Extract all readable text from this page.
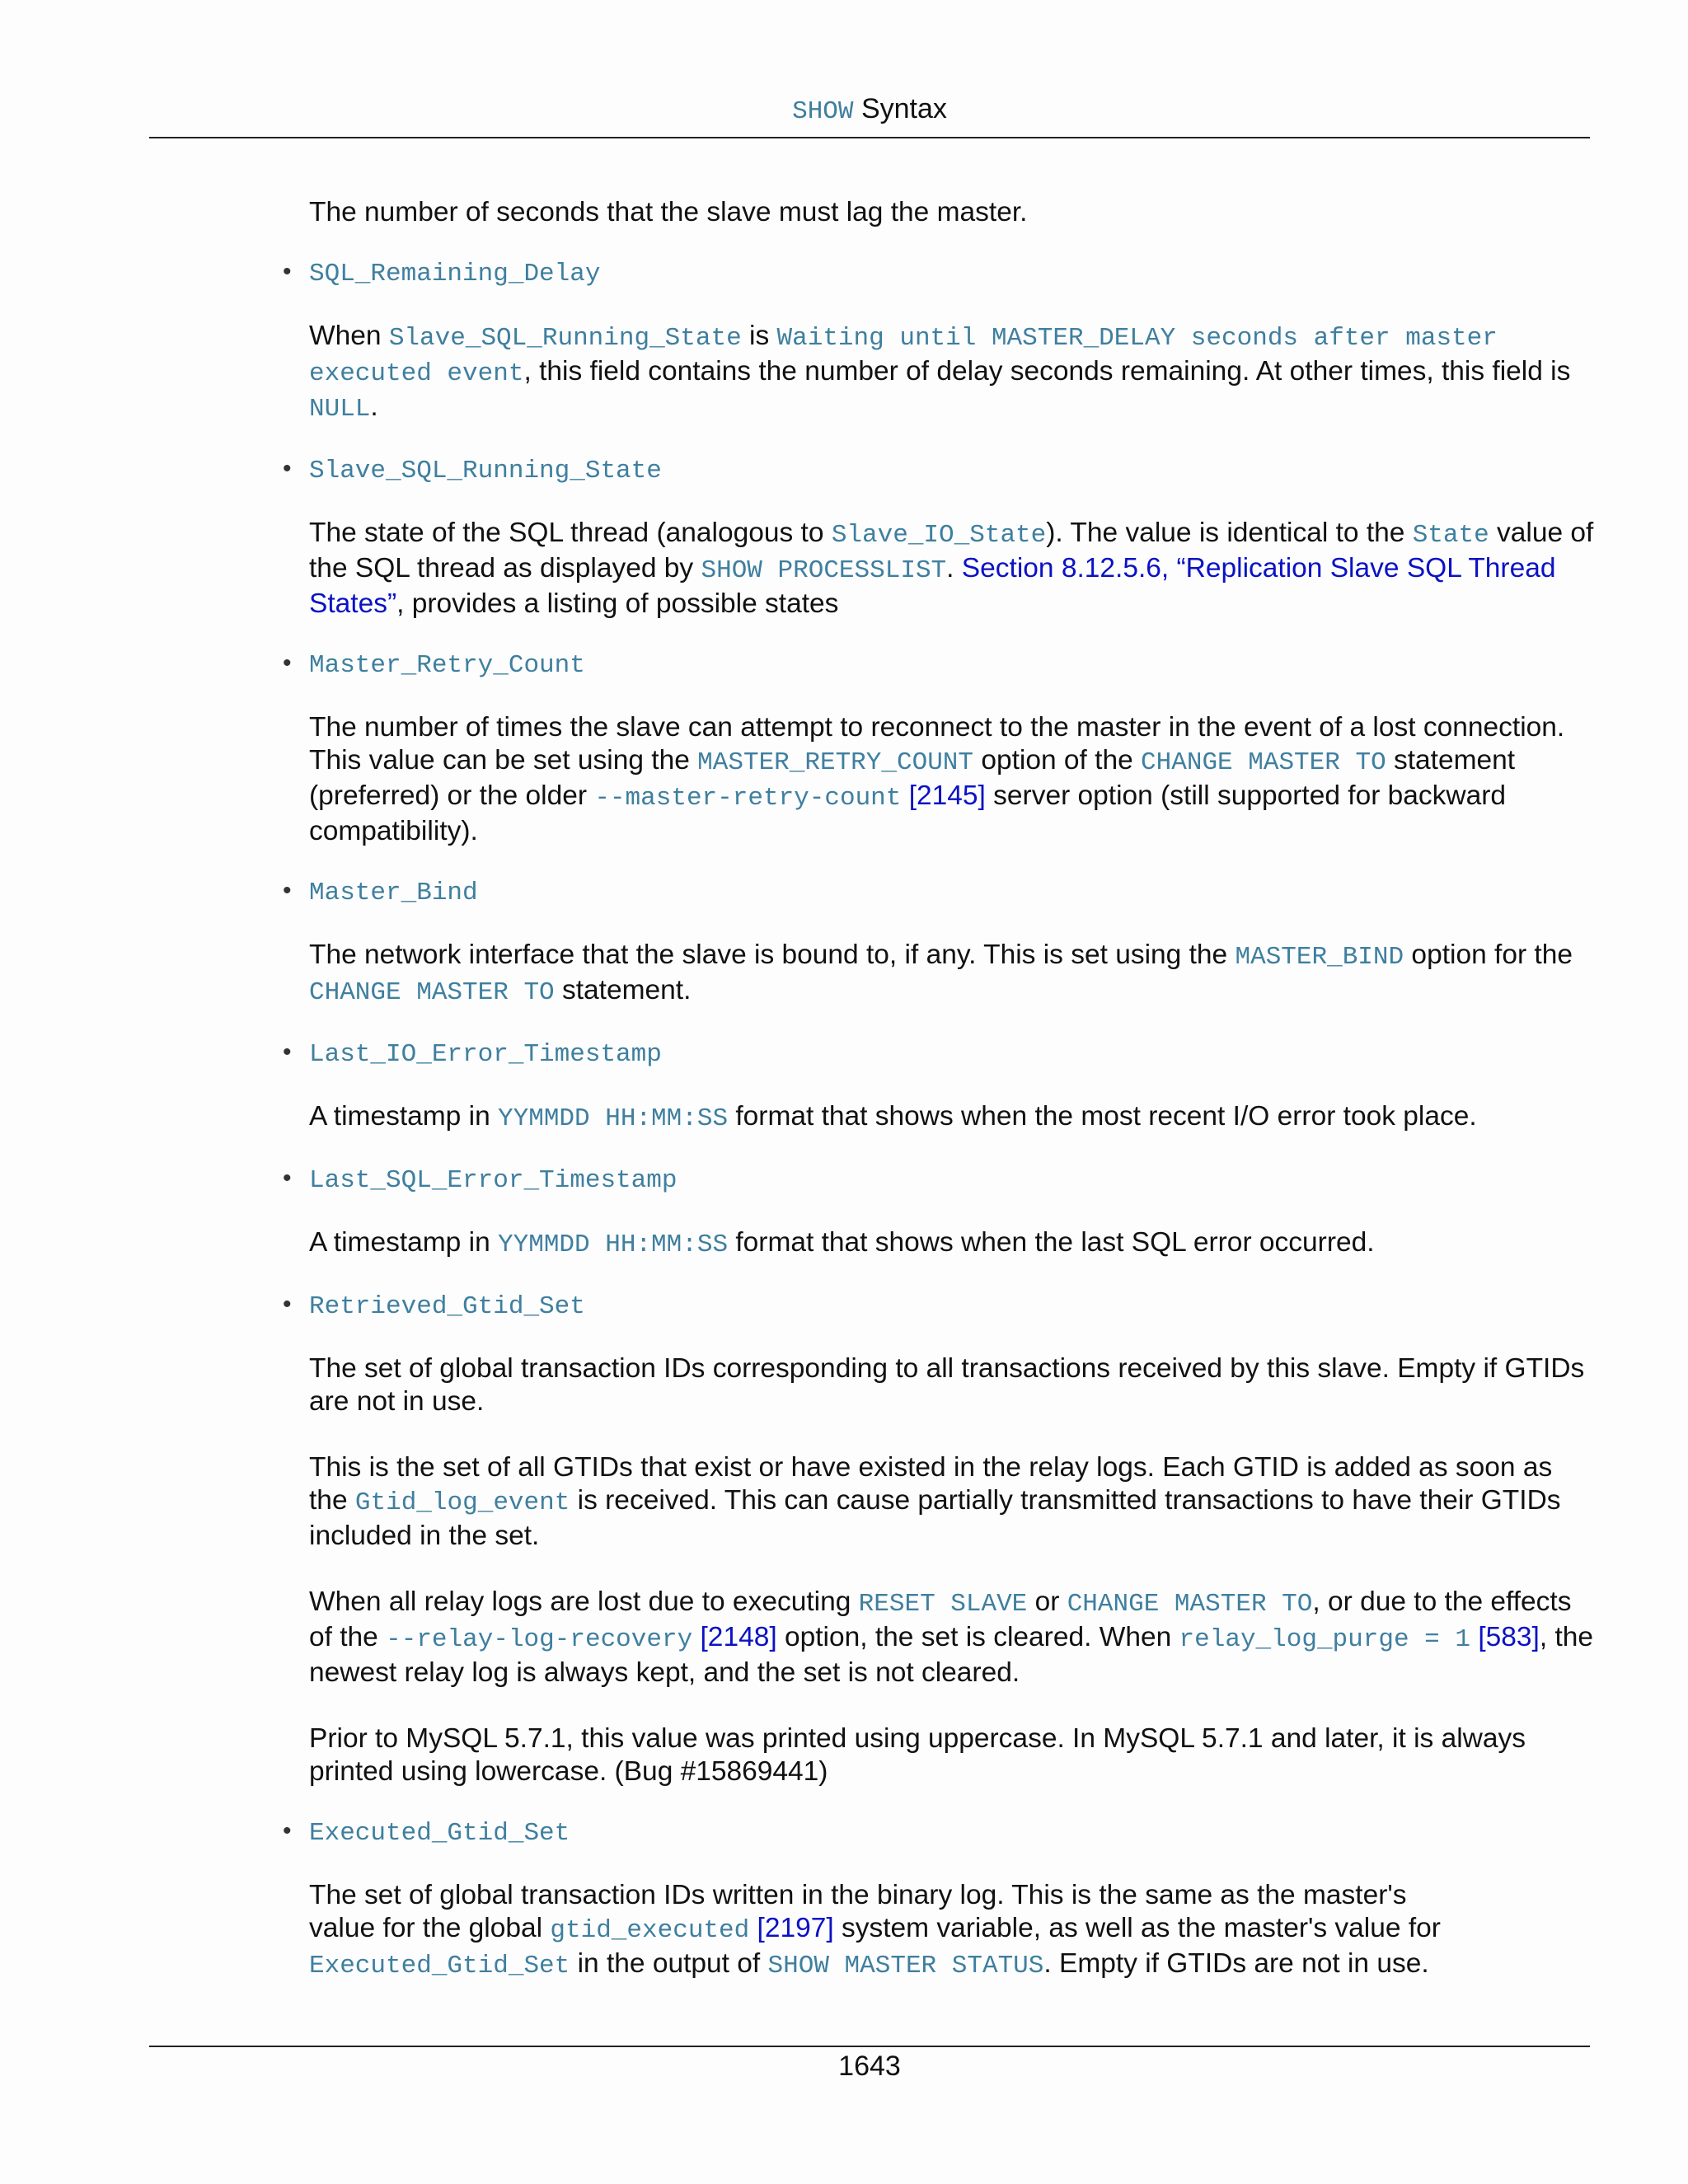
SHOW Syntax

The number of seconds that the slave must lag the master.

• SQL_Remaining_Delay

When Slave_SQL_Running_State is Waiting until MASTER_DELAY seconds after master executed event, this field contains the number of delay seconds remaining. At other times, this field is NULL.

• Slave_SQL_Running_State

The state of the SQL thread (analogous to Slave_IO_State). The value is identical to the State value of the SQL thread as displayed by SHOW PROCESSLIST. Section 8.12.5.6, “Replication Slave SQL Thread States”, provides a listing of possible states

• Master_Retry_Count

The number of times the slave can attempt to reconnect to the master in the event of a lost connection. This value can be set using the MASTER_RETRY_COUNT option of the CHANGE MASTER TO statement (preferred) or the older --master-retry-count [2145] server option (still supported for backward compatibility).

• Master_Bind

The network interface that the slave is bound to, if any. This is set using the MASTER_BIND option for the CHANGE MASTER TO statement.

• Last_IO_Error_Timestamp

A timestamp in YYMMDD HH:MM:SS format that shows when the most recent I/O error took place.

• Last_SQL_Error_Timestamp

A timestamp in YYMMDD HH:MM:SS format that shows when the last SQL error occurred.

• Retrieved_Gtid_Set

The set of global transaction IDs corresponding to all transactions received by this slave. Empty if GTIDs are not in use.

This is the set of all GTIDs that exist or have existed in the relay logs. Each GTID is added as soon as the Gtid_log_event is received. This can cause partially transmitted transactions to have their GTIDs included in the set.

When all relay logs are lost due to executing RESET SLAVE or CHANGE MASTER TO, or due to the effects of the --relay-log-recovery [2148] option, the set is cleared. When relay_log_purge = 1 [583], the newest relay log is always kept, and the set is not cleared.

Prior to MySQL 5.7.1, this value was printed using uppercase. In MySQL 5.7.1 and later, it is always printed using lowercase. (Bug #15869441)

• Executed_Gtid_Set

The set of global transaction IDs written in the binary log. This is the same as the master's
value for the global gtid_executed [2197] system variable, as well as the master's value for Executed_Gtid_Set in the output of SHOW MASTER STATUS. Empty if GTIDs are not in use.

1643
